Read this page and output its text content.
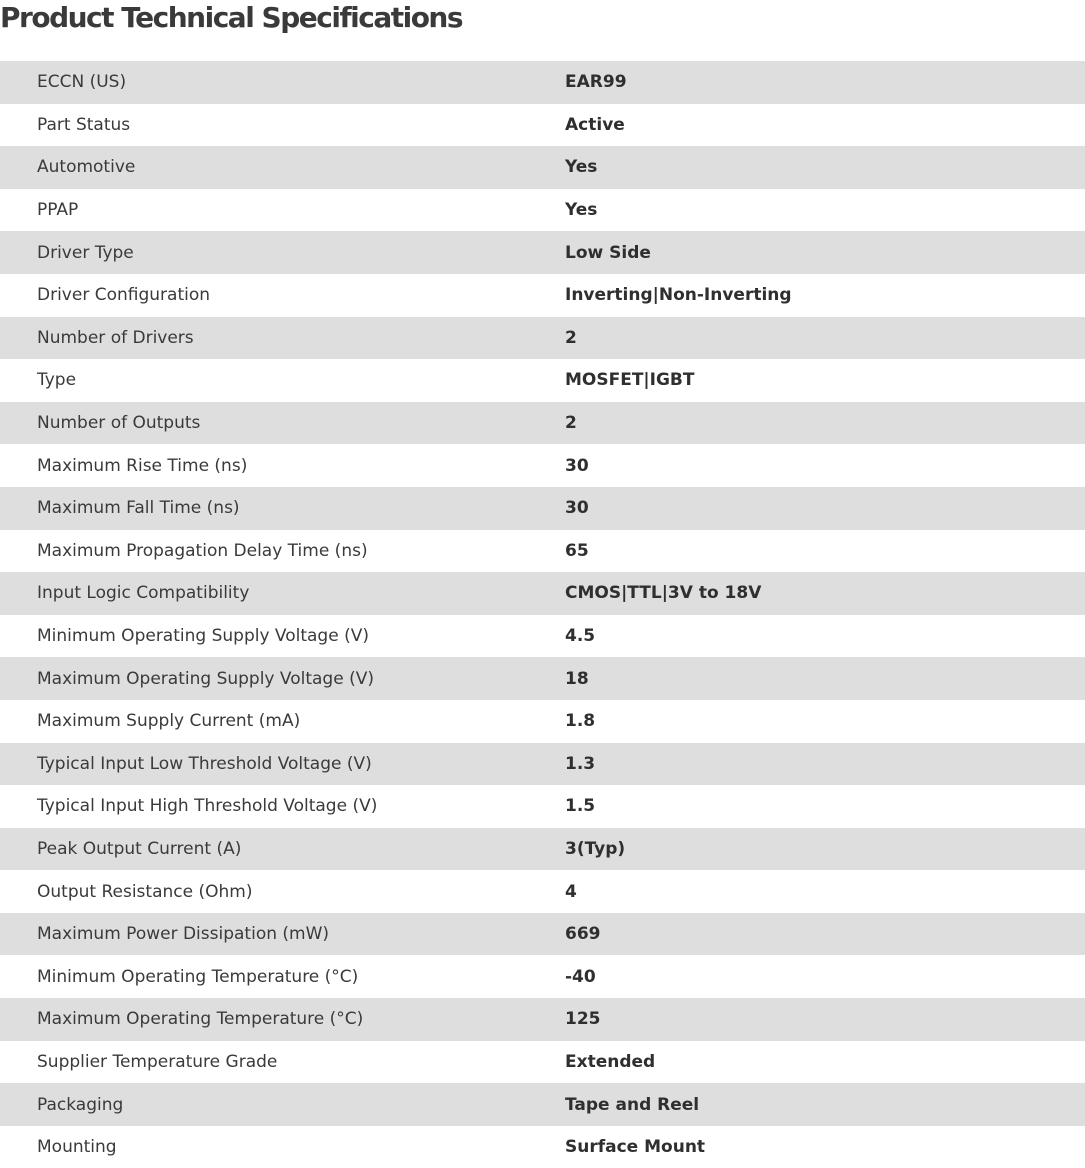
Product Technical Specifications
ECCN (US)	EAR99
Part Status	Active
Automotive	Yes
PPAP	Yes
Driver Type	Low Side
Driver Configuration	Inverting|Non-Inverting
Number of Drivers	2
Type	MOSFET|IGBT
Number of Outputs	2
Maximum Rise Time (ns)	30
Maximum Fall Time (ns)	30
Maximum Propagation Delay Time (ns)	65
Input Logic Compatibility	CMOS|TTL|3V to 18V
Minimum Operating Supply Voltage (V)	4.5
Maximum Operating Supply Voltage (V)	18
Maximum Supply Current (mA)	1.8
Typical Input Low Threshold Voltage (V)	1.3
Typical Input High Threshold Voltage (V)	1.5
Peak Output Current (A)	3(Typ)
Output Resistance (Ohm)	4
Maximum Power Dissipation (mW)	669
Minimum Operating Temperature (°C)	-40
Maximum Operating Temperature (°C)	125
Supplier Temperature Grade	Extended
Packaging	Tape and Reel
Mounting	Surface Mount
